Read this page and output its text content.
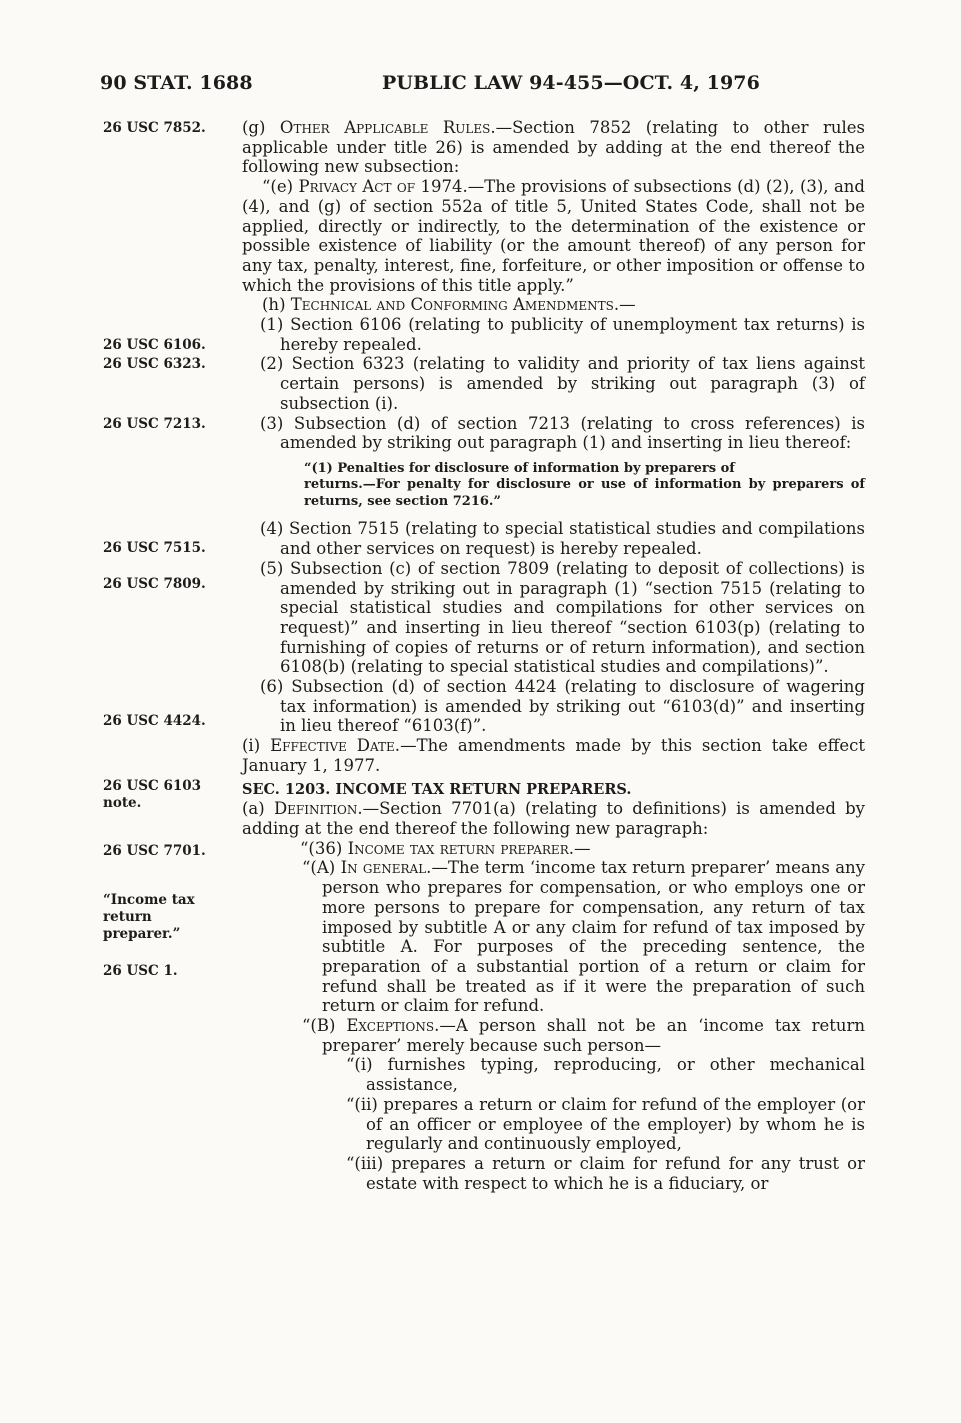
90 STAT. 1688	PUBLIC LAW 94-455—OCT. 4, 1976
26 USC 7852.
26 USC 6106.
26 USC 6323.
26 USC 7213.
26 USC 7515.
26 USC 7809.
26 USC 4424.
26 USC 6103 note.
26 USC 7701.
“Income tax return preparer.”
26 USC 1.

(g) Other Applicable Rules.—Section 7852 (relating to other rules applicable under title 26) is amended by adding at the end thereof the following new subsection:

“(e) Privacy Act of 1974.—The provisions of subsections (d) (2), (3), and (4), and (g) of section 552a of title 5, United States Code, shall not be applied, directly or indirectly, to the determination of the existence or possible existence of liability (or the amount thereof) of any person for any tax, penalty, interest, fine, forfeiture, or other imposition or offense to which the provisions of this title apply.”

(h) Technical and Conforming Amendments.—

(1) Section 6106 (relating to publicity of unemployment tax returns) is hereby repealed.

(2) Section 6323 (relating to validity and priority of tax liens against certain persons) is amended by striking out paragraph (3) of subsection (i).

(3) Subsection (d) of section 7213 (relating to cross references) is amended by striking out paragraph (1) and inserting in lieu thereof:

“(1) Penalties for disclosure of information by preparers of
returns.—For penalty for disclosure or use of information by preparers of returns, see section 7216.”

(4) Section 7515 (relating to special statistical studies and compilations and other services on request) is hereby repealed.

(5) Subsection (c) of section 7809 (relating to deposit of collections) is amended by striking out in paragraph (1) “section 7515 (relating to special statistical studies and compilations for other services on request)” and inserting in lieu thereof “section 6103(p) (relating to furnishing of copies of returns or of return information), and section 6108(b) (relating to special statistical studies and compilations)”.

(6) Subsection (d) of section 4424 (relating to disclosure of wagering tax information) is amended by striking out “6103(d)” and inserting in lieu thereof “6103(f)”.

(i) Effective Date.—The amendments made by this section take effect January 1, 1977.

SEC. 1203. INCOME TAX RETURN PREPARERS.

(a) Definition.—Section 7701(a) (relating to definitions) is amended by adding at the end thereof the following new paragraph:

“(36) Income tax return preparer.—

“(A) In general.—The term ‘income tax return preparer’ means any person who prepares for compensation, or who employs one or more persons to prepare for compensation, any return of tax imposed by subtitle A or any claim for refund of tax imposed by subtitle A. For purposes of the preceding sentence, the preparation of a substantial portion of a return or claim for refund shall be treated as if it were the preparation of such return or claim for refund.

“(B) Exceptions.—A person shall not be an ‘income tax return preparer’ merely because such person—

“(i) furnishes typing, reproducing, or other mechanical assistance,

“(ii) prepares a return or claim for refund of the employer (or of an officer or employee of the employer) by whom he is regularly and continuously employed,

“(iii) prepares a return or claim for refund for any trust or estate with respect to which he is a fiduciary, or
